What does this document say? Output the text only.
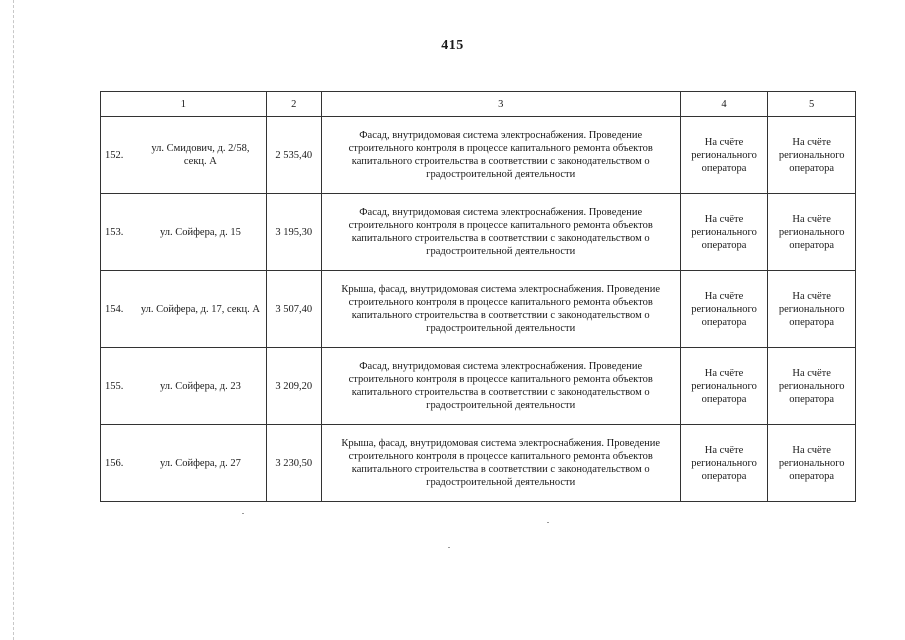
415
1	2	3	4	5

152.
ул. Смидович, д. 2/58, секц. А	2 535,40	Фасад, внутридомовая система электроснабжения. Проведение строительного контроля в процессе капитального ремонта объектов капитального строительства в соответствии с законодательством о градостроительной деятельности	На счёте регионального оператора	На счёте регионального оператора

153. ул. Сойфера, д. 15	3 195,30	Фасад, внутридомовая система электроснабжения. Проведение строительного контроля в процессе капитального ремонта объектов капитального строительства в соответствии с законодательством о градостроительной деятельности	На счёте регионального оператора	На счёте регионального оператора

154. ул. Сойфера, д. 17, секц. А	3 507,40	Крыша, фасад, внутридомовая система электроснабжения. Проведение строительного контроля в процессе капитального ремонта объектов капитального строительства в соответствии с законодательством о градостроительной деятельности	На счёте регионального оператора	На счёте регионального оператора

155. ул. Сойфера, д. 23	3 209,20	Фасад, внутридомовая система электроснабжения. Проведение строительного контроля в процессе капитального ремонта объектов капитального строительства в соответствии с законодательством о градостроительной деятельности	На счёте регионального оператора	На счёте регионального оператора

156. ул. Сойфера, д. 27	3 230,50	Крыша, фасад, внутридомовая система электроснабжения. Проведение строительного контроля в процессе капитального ремонта объектов капитального строительства в соответствии с законодательством о градостроительной деятельности	На счёте регионального оператора	На счёте регионального оператора
